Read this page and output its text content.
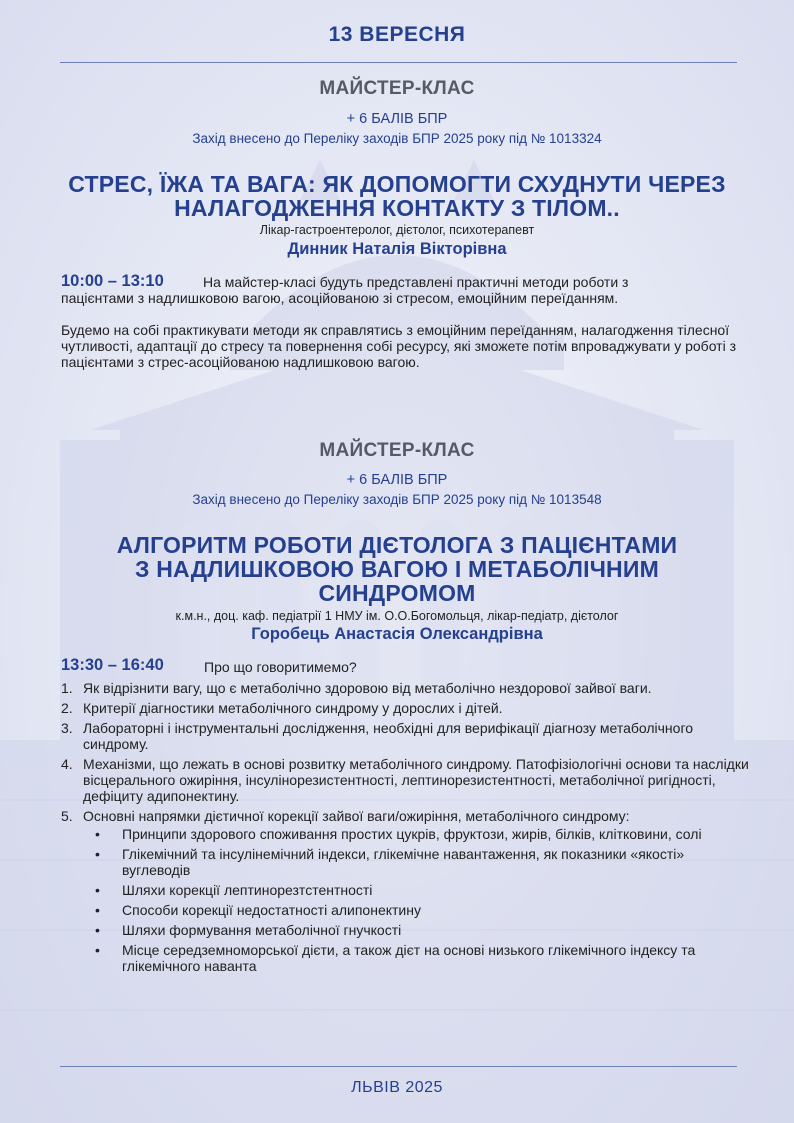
13 ВЕРЕСНЯ
МАЙСТЕР-КЛАС
+ 6 БАЛІВ БПР
Захід внесено до Переліку заходів БПР 2025 року під № 1013324
СТРЕС, ЇЖА ТА ВАГА: ЯК ДОПОМОГТИ СХУДНУТИ ЧЕРЕЗ
НАЛАГОДЖЕННЯ КОНТАКТУ З ТІЛОМ..
Лікар-гастроентеролог, дієтолог, психотерапевт
Динник Наталія Вікторівна
10:00 – 13:10	На майстер-класі будуть представлені практичні методи роботи з
пацієнтами з надлишковою вагою, асоційованою зі стресом, емоційним переїданням.
Будемо на собі практикувати методи як справлятись з емоційним переїданням, налагодження тілесної чутливості, адаптації до стресу та повернення собі ресурсу, які зможете потім впроваджувати у роботі з пацієнтами з стрес-асоційованою надлишковою вагою.
МАЙСТЕР-КЛАС
+ 6 БАЛІВ БПР
Захід внесено до Переліку заходів БПР 2025 року під № 1013548
АЛГОРИТМ РОБОТИ ДІЄТОЛОГА З ПАЦІЄНТАМИ
З НАДЛИШКОВОЮ ВАГОЮ І МЕТАБОЛІЧНИМ
СИНДРОМОМ
к.м.н., доц. каф. педіатрії 1 НМУ ім. О.О.Богомольця, лікар-педіатр, дієтолог
Горобець Анастасія Олександрівна
13:30 – 16:40	Про що говоритимемо?
1. Як відрізнити вагу, що є метаболічно здоровою від метаболічно нездорової зайвої ваги.
2. Критерії діагностики метаболічного синдрому у дорослих і дітей.
3. Лабораторні і інструментальні дослідження, необхідні для верифікації діагнозу метаболічного синдрому.
4. Механізми, що лежать в основі розвитку метаболічного синдрому. Патофізіологічні основи та наслідки вісцерального ожиріння, інсулінорезистентності, лептинорезистентності, метаболічної ригідності, дефіциту адипонектину.
5. Основні напрямки дієтичної корекції зайвої ваги/ожиріння, метаболічного синдрому:
• Принципи здорового споживання простих цукрів, фруктози, жирів, білків, клітковини, солі
• Глікемічний та інсулінемічний індекси, глікемічне навантаження, як показники «якості» вуглеводів
• Шляхи корекції лептинорезтстентності
• Способи корекції недостатності алипонектину
• Шляхи формування метаболічної гнучкості
• Місце середземноморської дієти, а також дієт на основі низького глікемічного індексу та глікемічного наванта
ЛЬВІВ 2025
